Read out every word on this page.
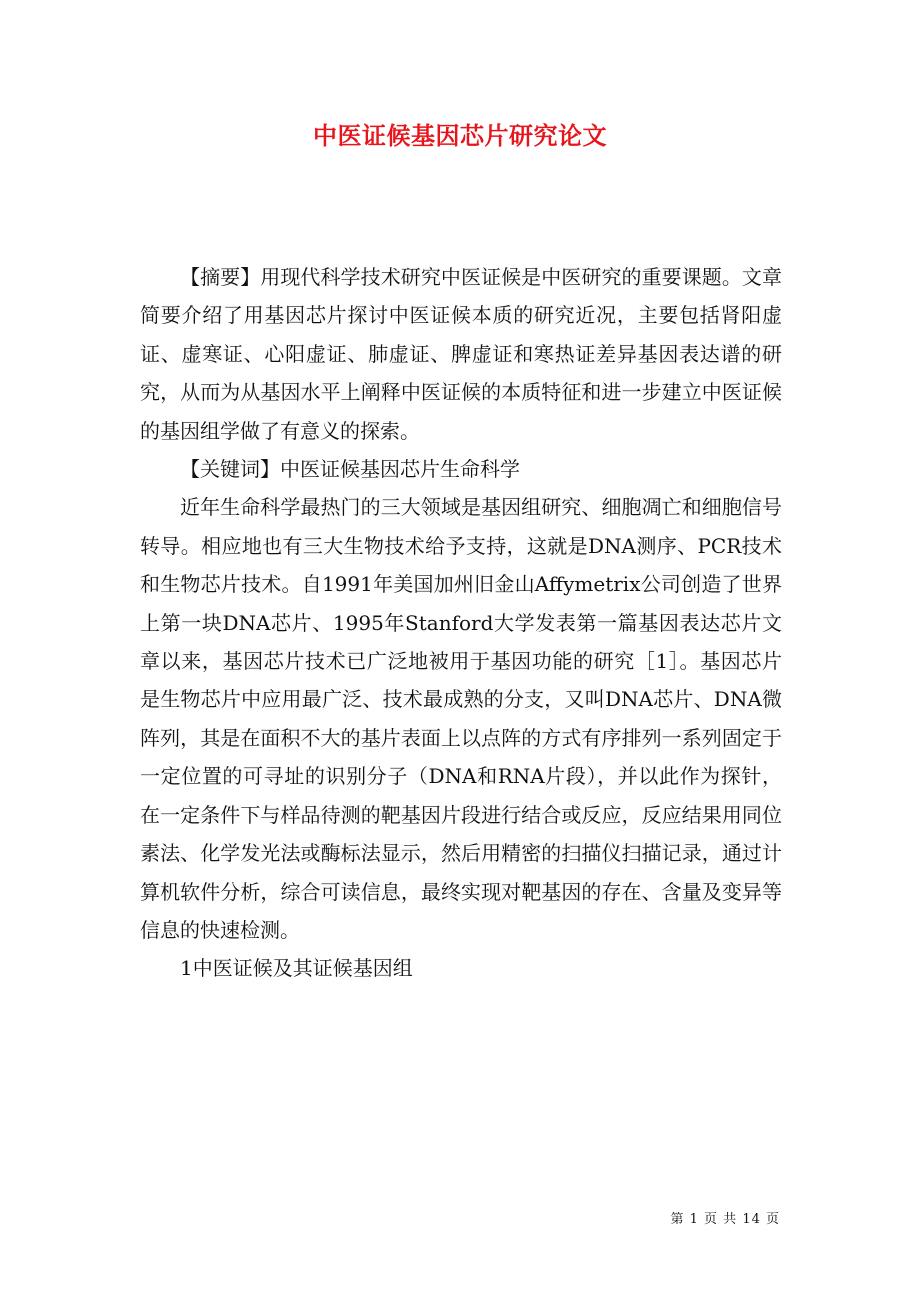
中医证候基因芯片研究论文

【摘要】用现代科学技术研究中医证候是中医研究的重要课题。文章简要介绍了用基因芯片探讨中医证候本质的研究近况，主要包括肾阳虚证、虚寒证、心阳虚证、肺虚证、脾虚证和寒热证差异基因表达谱的研究，从而为从基因水平上阐释中医证候的本质特征和进一步建立中医证候的基因组学做了有意义的探索。

【关键词】中医证候基因芯片生命科学

近年生命科学最热门的三大领域是基因组研究、细胞凋亡和细胞信号转导。相应地也有三大生物技术给予支持，这就是DNA测序、PCR技术和生物芯片技术。自1991年美国加州旧金山Affymetrix公司创造了世界上第一块DNA芯片、1995年Stanford大学发表第一篇基因表达芯片文章以来，基因芯片技术已广泛地被用于基因功能的研究［1］。基因芯片是生物芯片中应用最广泛、技术最成熟的分支，又叫DNA芯片、DNA微阵列，其是在面积不大的基片表面上以点阵的方式有序排列一系列固定于一定位置的可寻址的识别分子（DNA和RNA片段），并以此作为探针，在一定条件下与样品待测的靶基因片段进行结合或反应，反应结果用同位素法、化学发光法或酶标法显示，然后用精密的扫描仪扫描记录，通过计算机软件分析，综合可读信息，最终实现对靶基因的存在、含量及变异等信息的快速检测。

1中医证候及其证候基因组

第 1 页 共 14 页
